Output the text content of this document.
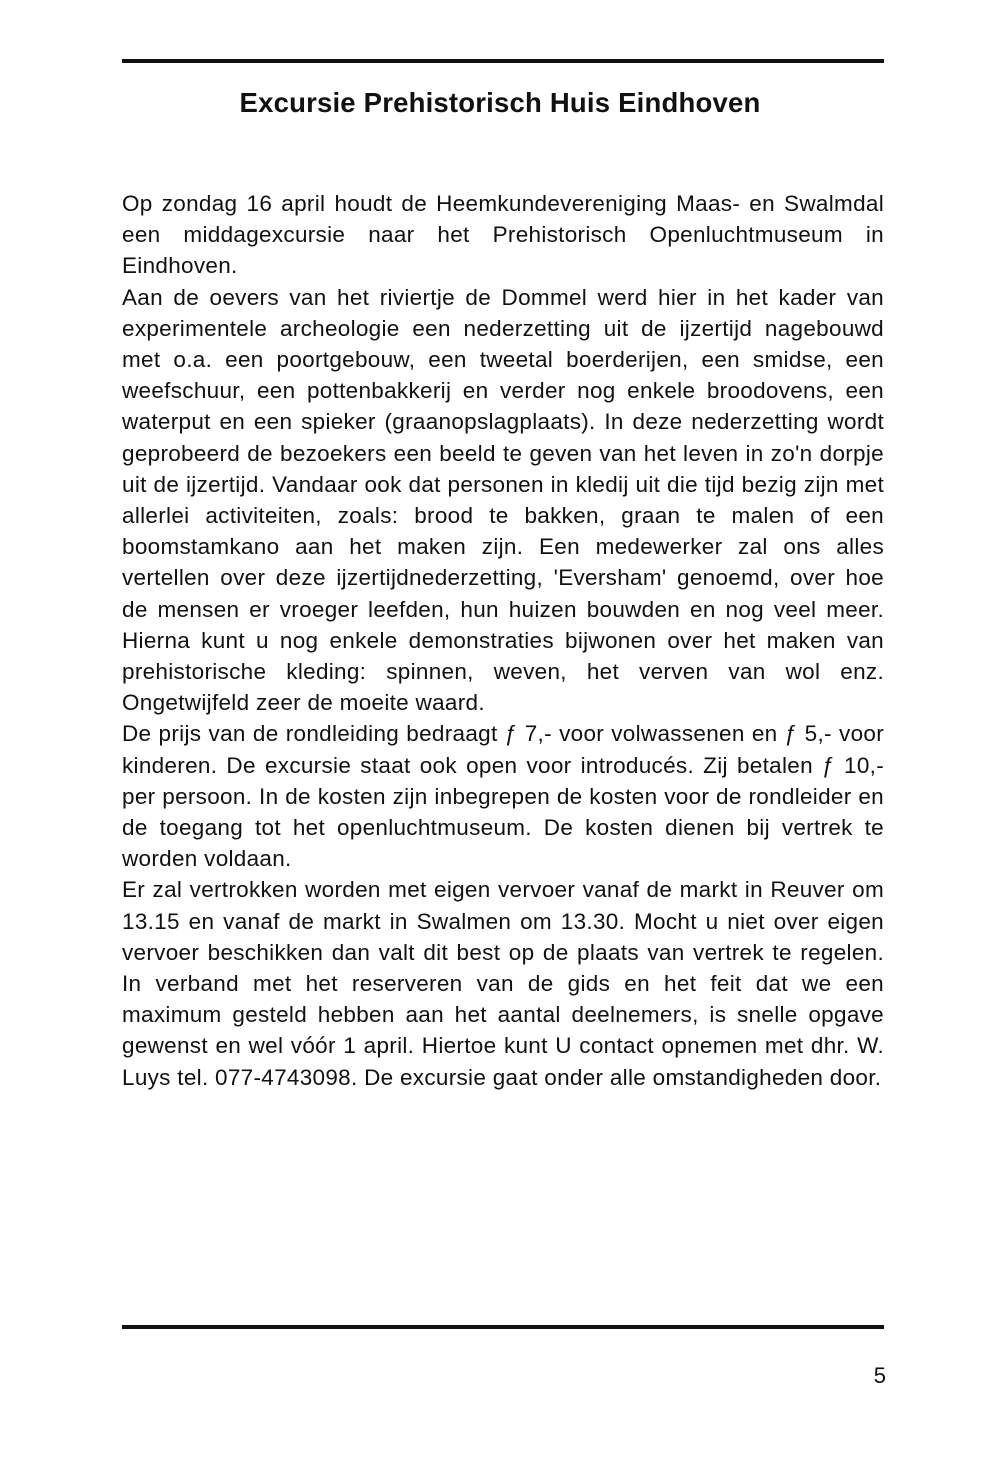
Excursie Prehistorisch Huis Eindhoven

Op zondag 16 april houdt de Heemkundevereniging Maas- en Swalmdal een middagexcursie naar het Prehistorisch Openluchtmuseum in Eindhoven.

Aan de oevers van het riviertje de Dommel werd hier in het kader van experimentele archeologie een nederzetting uit de ijzertijd nagebouwd met o.a. een poortgebouw, een tweetal boerderijen, een smidse, een weefschuur, een pottenbakkerij en verder nog enkele broodovens, een waterput en een spieker (graanopslagplaats). In deze nederzetting wordt geprobeerd de bezoekers een beeld te geven van het leven in zo'n dorpje uit de ijzertijd. Vandaar ook dat personen in kledij uit die tijd bezig zijn met allerlei activiteiten, zoals: brood te bakken, graan te malen of een boomstamkano aan het maken zijn. Een medewerker zal ons alles vertellen over deze ijzertijdnederzetting, 'Eversham' genoemd, over hoe de mensen er vroeger leefden, hun huizen bouwden en nog veel meer. Hierna kunt u nog enkele demonstraties bijwonen over het maken van prehistorische kleding: spinnen, weven, het verven van wol enz. Ongetwijfeld zeer de moeite waard.

De prijs van de rondleiding bedraagt ƒ 7,- voor volwassenen en ƒ 5,- voor kinderen. De excursie staat ook open voor introducés. Zij betalen ƒ 10,- per persoon. In de kosten zijn inbegrepen de kosten voor de rondleider en de toegang tot het openluchtmuseum. De kosten dienen bij vertrek te worden voldaan.

Er zal vertrokken worden met eigen vervoer vanaf de markt in Reuver om 13.15 en vanaf de markt in Swalmen om 13.30. Mocht u niet over eigen vervoer beschikken dan valt dit best op de plaats van vertrek te regelen. In verband met het reserveren van de gids en het feit dat we een maximum gesteld hebben aan het aantal deelnemers, is snelle opgave gewenst en wel vóór 1 april. Hiertoe kunt U contact opnemen met dhr. W. Luys tel. 077-4743098. De excursie gaat onder alle omstandigheden door.

5
